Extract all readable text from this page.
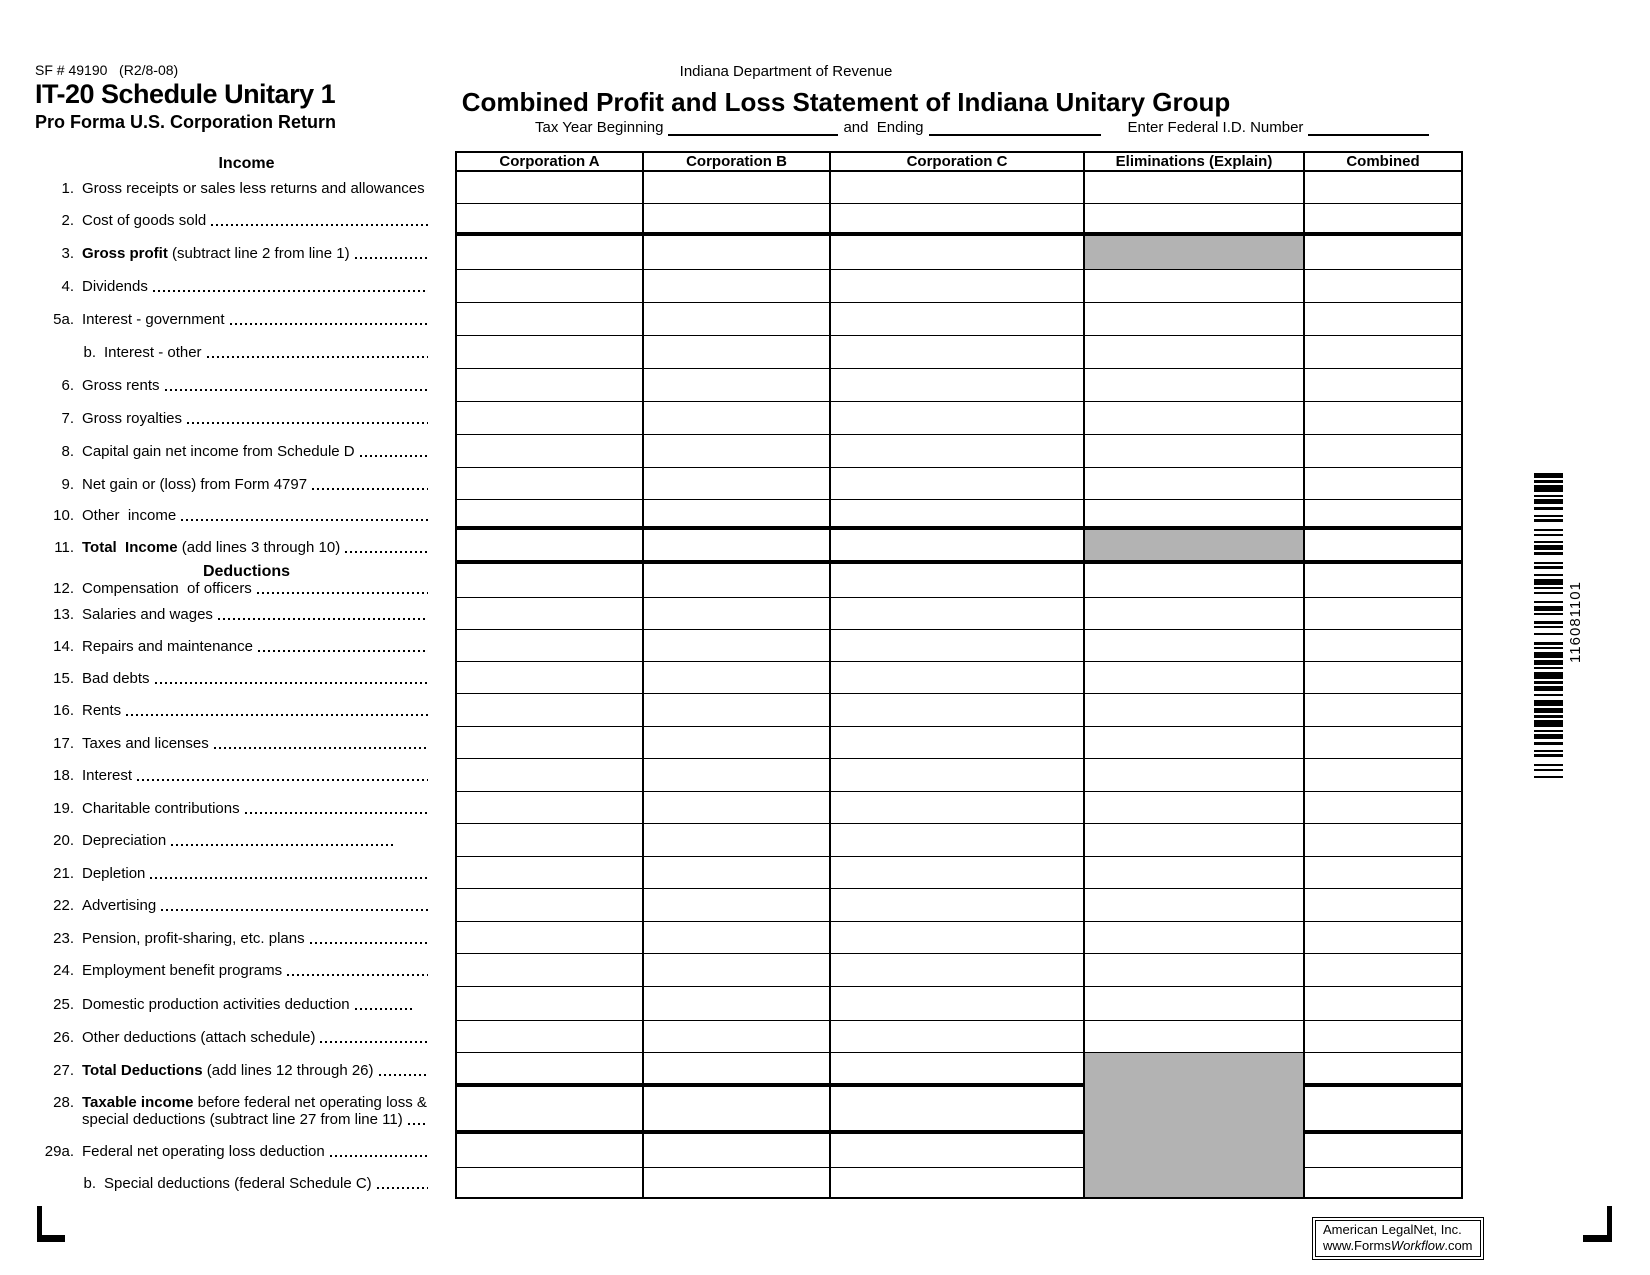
SF # 49190   (R2/8-08)
IT-20 Schedule Unitary 1
Pro Forma U.S. Corporation Return
Indiana Department of Revenue
Combined Profit and Loss Statement of Indiana Unitary Group
Tax Year Beginning	and  Ending	Enter Federal I.D. Number
Income	Corporation A	Corporation B	Corporation C	Eliminations (Explain)	Combined
1. Gross receipts or sales less returns and allowances
2. Cost of goods sold
3. Gross profit (subtract line 2 from line 1)
4. Dividends
5a. Interest - government
b. Interest - other
6. Gross rents
7. Gross royalties
8. Capital gain net income from Schedule D
9. Net gain or (loss) from Form 4797
10. Other  income
11. Total  Income (add lines 3 through 10)
Deductions
12. Compensation  of officers
13. Salaries and wages
14. Repairs and maintenance
15. Bad debts
16. Rents
17. Taxes and licenses
18. Interest
19. Charitable contributions
20. Depreciation
21. Depletion
22. Advertising
23. Pension, profit-sharing, etc. plans
24. Employment benefit programs
25. Domestic production activities deduction
26. Other deductions (attach schedule)
27. Total Deductions (add lines 12 through 26)
28. Taxable income before federal net operating loss &
special deductions (subtract line 27 from line 11)
29a. Federal net operating loss deduction
b. Special deductions (federal Schedule C)
116081101
American LegalNet, Inc.
www.FormsWorkflow.com
